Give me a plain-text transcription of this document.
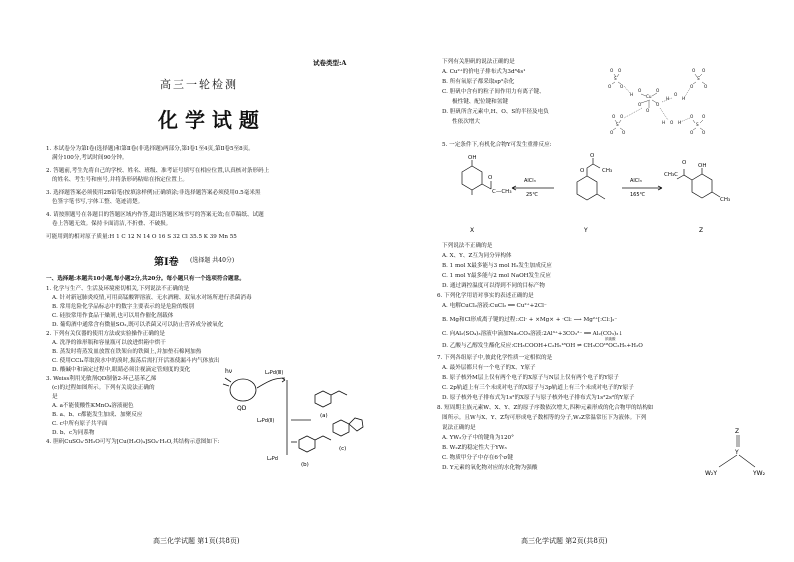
试卷类型:A
高三一轮检测
化 学 试 题
1. 本试卷分为第Ⅰ卷(选择题)和第Ⅱ卷(非选择题)两部分,第Ⅰ卷1至4页,第Ⅱ卷5至8页。
满分100分,考试时间90分钟。
2. 答题前,考生先将自己的学校、姓名、班级、准考证号填写在相应位置,认真核对条形码上
的姓名、考生号和座号,并将条形码粘贴在指定位置上。
3. 选择题答案必须使用2B铅笔(按填涂样例)正确填涂;非选择题答案必须使用0.5毫米黑
色签字笔书写,字体工整、笔迹清楚。
4. 请按照题号在各题目的答题区域内作答,超出答题区域书写的答案无效;在草稿纸、试题
卷上答题无效。保持卡面清洁,不折叠、不破损。
可能用到的相对原子质量:H 1 C 12 N 14 O 16 S 32 Cl 35.5 K 39 Mn 55
第Ⅰ卷 (选择题 共40分)
一、选择题:本题共10小题,每小题2分,共20分。每小题只有一个选项符合题意。
1. 化学与生产、生活及环境密切相关,下列说法不正确的是
A. 针对新冠肺炎疫情,可用高锰酸钾溶液、无水酒精、双氧水对场所进行杀菌消毒
B. 常用危险化学品标志中的数字主要表示的是危险的级别
C. 硅胶常用作食品干燥剂,也可以用作催化剂载体
D. 葡萄酒中通常含有微量SO₂,既可以杀菌又可以防止营养成分被氧化
2. 下列有关仪器的使用方法或实验操作正确的是
A. 洗净的锥形瓶和容量瓶可以放进烘箱中烘干
B. 蒸发时将蒸发皿放置在铁架台的铁圈上,并加垫石棉网加热
C. 使用CCl₄萃取溴水中的溴时,振荡后需打开活塞使漏斗内气体放出
D. 酸碱中和滴定过程中,眼睛必须注视滴定管刻度的变化
3. Weiss利用光敏剂QD制备2-环己基苯乙烯
(c)的过程如图所示。下列有关说法正确的
是
A. a不能使酸性KMnO₄溶液褪色
B. a、b、c都能发生加成、加聚反应
C. c中所有原子共平面
D. b、c为同系物
4. 胆矾CuSO₄·5H₂O可写为[Cu(H₂O)₄]SO₄·H₂O,其结构示意图如下:
hν
QD
L₂Pd(Ⅲ)
L₂Pd(Ⅱ)
L₂Pd
(a)
(c)
(b)
高三化学试题 第1页(共8页)
下列有关胆矾的说法正确的是
A. Cu²⁺的价电子排布式为3d⁸4s¹
B. 所有氧原子都采取sp³杂化
C. 胆矾中含有的粒子间作用力有离子键、
极性键、配位键和氢键
D. 胆矾所含元素中,H、O、S的半径及电负
性依次增大
O O
S
O O
H
O
Cu
O
O
O
O
H
O
H
O O
S
O	O
O O
S
O O
O O
S
O O
H O H
5. 一定条件下,有机化合物Y可发生重排反应:
OH
O
C—CH₃
O
CH₃
O
OH
CH₃C
O
CH₃
AlCl₃
25℃
AlCl₃
165℃
X	Y	Z
下列说法不正确的是
A. X、Y、Z互为同分异构体
B. 1 mol X最多能与3 mol H₂发生加成反应
C. 1 mol Y最多能与2 mol NaOH发生反应
D. 通过调控温度可以得到不同的目标产物
6. 下列化学用语对事实的表述正确的是
A. 电解CuCl₂溶液:CuCl₂ ══ Cu²⁺+2Cl⁻
B. Mg和Cl形成离子键的过程::Cl· + ×Mg× + ·Cl: ⟶ Mg²⁺[:Cl:]₂⁻
C. 向Al₂(SO₄)₃溶液中滴加Na₂CO₃溶液:2Al³⁺+3CO₃²⁻ ══ Al₂(CO₃)₃↓
D. 乙酸与乙醇发生酯化反应:CH₃COOH+C₂H₅¹⁸OH ⇌ CH₃CO¹⁸OC₂H₅+H₂O
7. 下列各组原子中,彼此化学性质一定相似的是
A. 最外层都只有一个电子的X、Y原子
B. 原子核外M层上仅有两个电子的X原子与N层上仅有两个电子的Y原子
C. 2p轨道上有三个未成对电子的X原子与3p轨道上有三个未成对电子的Y原子
D. 原子核外电子排布式为1s²的X原子与原子核外电子排布式为1s²2s²的Y原子
8. 短周期主族元素W、X、Y、Z的原子序数依次增大,四种元素形成的化合物甲的结构如
图所示。且W与X、Y、Z均可形成电子数相等的分子,W₂Z常温常压下为液体。下列
说法正确的是
A. YW₃分子中的键角为120°
B. W₂Z的稳定性大于YW₃
C. 物质甲分子中存在6个σ键
D. Y元素的氧化物对应的水化物为强酸
浓硫酸
Z
Y
W₂Y	YW₂
高三化学试题 第2页(共8页)
